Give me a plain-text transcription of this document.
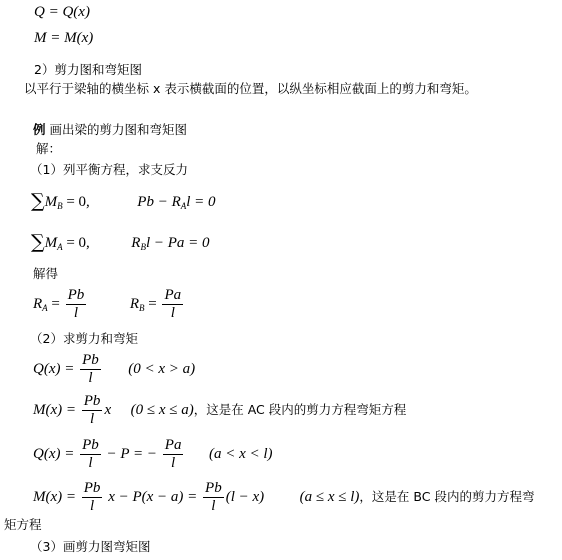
Q = Q(x)
M = M(x)
2）剪力图和弯矩图
以平行于梁轴的横坐标 x 表示横截面的位置，以纵坐标相应截面上的剪力和弯矩。
例 画出梁的剪力图和弯矩图
解：
（1）列平衡方程，求支反力
$\sum M_B = 0$,	$Pb - R_Al = 0$
$\sum M_A = 0$,	$R_Bl - Pa = 0$
解得
$R_A = \frac{Pb}{l}$	$R_B = \frac{Pa}{l}$
（2）求剪力和弯矩
$Q(x) = \frac{Pb}{l} (0 < x > a)$
$M(x) = \frac{Pb}{l}$ x (0 ≤ x ≤ a)，这是在 AC 段内的剪力方程弯矩方程
$Q(x) = \frac{Pb}{l} - P$ = − $\frac{Pa}{l} (a < x < l)$
$M(x) = \frac{Pb}{l}$ $x - P(x - a) = \frac{Pb}{l} (l - x) (a \le x \le l)$，这是在 BC 段内的剪力方程弯
矩方程
（3）画剪力图弯矩图
